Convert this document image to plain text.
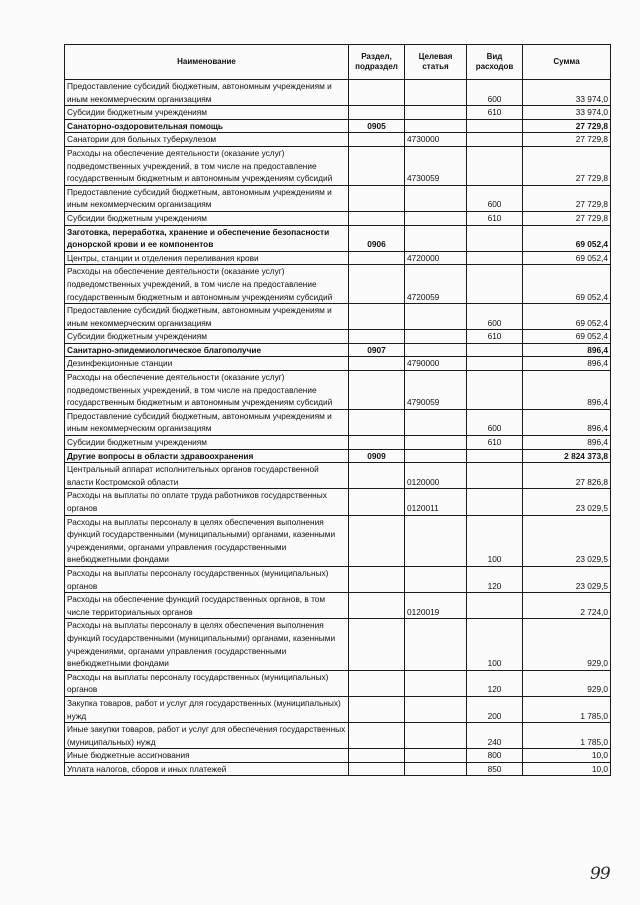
Наименование	Раздел, подраздел	Целевая статья	Вид расходов	Сумма
Предоставление субсидий бюджетным, автономным учреждениям и иным некоммерческим организациям			600	33 974,0
Субсидии бюджетным учреждениям			610	33 974,0
Санаторно-оздоровительная помощь	0905			27 729,8
Санатории для больных туберкулезом		4730000		27 729,8
Расходы на обеспечение деятельности (оказание услуг) подведомственных учреждений, в том числе на предоставление государственным бюджетным и автономным учреждениям субсидий		4730059		27 729,8
Предоставление субсидий бюджетным, автономным учреждениям и иным некоммерческим организациям			600	27 729,8
Субсидии бюджетным учреждениям			610	27 729,8
Заготовка, переработка, хранение и обеспечение безопасности донорской крови и ее компонентов	0906			69 052,4
Центры, станции и отделения переливания крови		4720000		69 052,4
Расходы на обеспечение деятельности (оказание услуг) подведомственных учреждений, в том числе на предоставление государственным бюджетным и автономным учреждениям субсидий		4720059		69 052,4
Предоставление субсидий бюджетным, автономным учреждениям и иным некоммерческим организациям			600	69 052,4
Субсидии бюджетным учреждениям			610	69 052,4
Санитарно-эпидемиологическое благополучие	0907			896,4
Дезинфекционные станции		4790000		896,4
Расходы на обеспечение деятельности (оказание услуг) подведомственных учреждений, в том числе на предоставление государственным бюджетным и автономным учреждениям субсидий		4790059		896,4
Предоставление субсидий бюджетным, автономным учреждениям и иным некоммерческим организациям			600	896,4
Субсидии бюджетным учреждениям			610	896,4
Другие вопросы в области здравоохранения	0909			2 824 373,8
Центральный аппарат исполнительных органов государственной власти Костромской области		0120000		27 826,8
Расходы на выплаты по оплате труда работников государственных органов		0120011		23 029,5
Расходы на выплаты персоналу в целях обеспечения выполнения функций государственными (муниципальными) органами, казенными учреждениями, органами управления государственными внебюджетными фондами			100	23 029,5
Расходы на выплаты персоналу государственных (муниципальных) органов			120	23 029,5
Расходы на обеспечение функций государственных органов, в том числе территориальных органов		0120019		2 724,0
Расходы на выплаты персоналу в целях обеспечения выполнения функций государственными (муниципальными) органами, казенными учреждениями, органами управления государственными внебюджетными фондами			100	929,0
Расходы на выплаты персоналу государственных (муниципальных) органов			120	929,0
Закупка товаров, работ и услуг для государственных (муниципальных) нужд			200	1 785,0
Иные закупки товаров, работ и услуг для обеспечения государственных (муниципальных) нужд			240	1 785,0
Иные бюджетные ассигнования			800	10,0
Уплата налогов, сборов и иных платежей			850	10,0
99
